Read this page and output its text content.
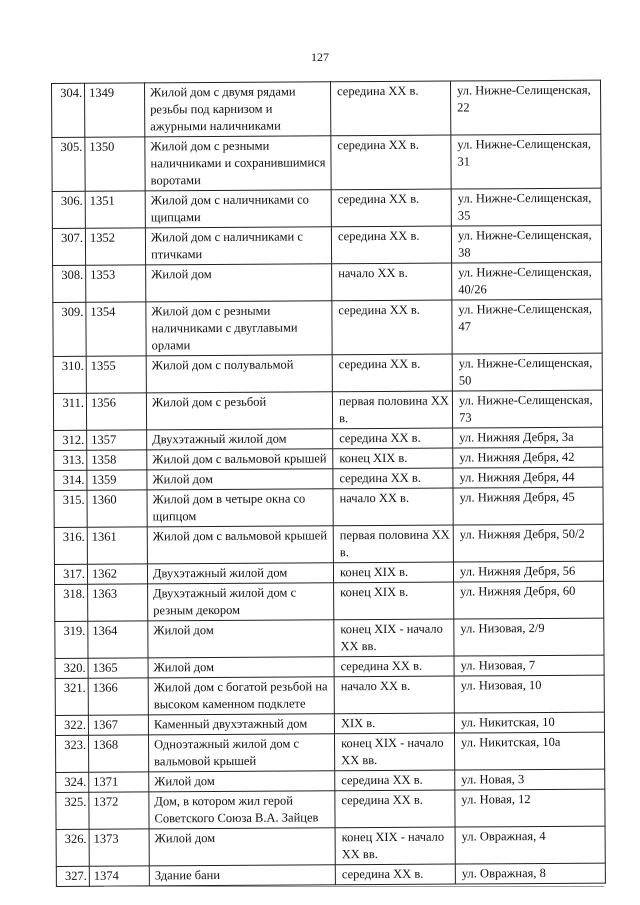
127
304.	1349	Жилой дом с двумя рядами резьбы под карнизом и ажурными наличниками	середина XX в.	ул. Нижне-Селищенская, 22
305.	1350	Жилой дом с резными наличниками и сохранившимися воротами	середина XX в.	ул. Нижне-Селищенская, 31
306.	1351	Жилой дом с наличниками со щипцами	середина XX в.	ул. Нижне-Селищенская, 35
307.	1352	Жилой дом с наличниками с птичками	середина XX в.	ул. Нижне-Селищенская, 38
308.	1353	Жилой дом	начало XX в.	ул. Нижне-Селищенская, 40/26
309.	1354	Жилой дом с резными наличниками с двуглавыми орлами	середина XX в.	ул. Нижне-Селищенская, 47
310.	1355	Жилой дом с полувальмой	середина XX в.	ул. Нижне-Селищенская, 50
311.	1356	Жилой дом с резьбой	первая половина XX в.	ул. Нижне-Селищенская, 73
312.	1357	Двухэтажный жилой дом	середина XX в.	ул. Нижняя Дебря, 3а
313.	1358	Жилой дом с вальмовой крышей	конец XIX в.	ул. Нижняя Дебря, 42
314.	1359	Жилой дом	середина XX в.	ул. Нижняя Дебря, 44
315.	1360	Жилой дом в четыре окна со щипцом	начало XX в.	ул. Нижняя Дебря, 45
316.	1361	Жилой дом с вальмовой крышей	первая половина XX в.	ул. Нижняя Дебря, 50/2
317.	1362	Двухэтажный жилой дом	конец XIX в.	ул. Нижняя Дебря, 56
318.	1363	Двухэтажный жилой дом с резным декором	конец XIX в.	ул. Нижняя Дебря, 60
319.	1364	Жилой дом	конец XIX - начало XX вв.	ул. Низовая, 2/9
320.	1365	Жилой дом	середина XX в.	ул. Низовая, 7
321.	1366	Жилой дом с богатой резьбой на высоком каменном подклете	начало XX в.	ул. Низовая, 10
322.	1367	Каменный двухэтажный дом	XIX в.	ул. Никитская, 10
323.	1368	Одноэтажный жилой дом с вальмовой крышей	конец XIX - начало XX вв.	ул. Никитская, 10а
324.	1371	Жилой дом	середина XX в.	ул. Новая, 3
325.	1372	Дом, в котором жил герой Советского Союза В.А. Зайцев	середина XX в.	ул. Новая, 12
326.	1373	Жилой дом	конец XIX - начало XX вв.	ул. Овражная, 4
327.	1374	Здание бани	середина XX в.	ул. Овражная, 8
